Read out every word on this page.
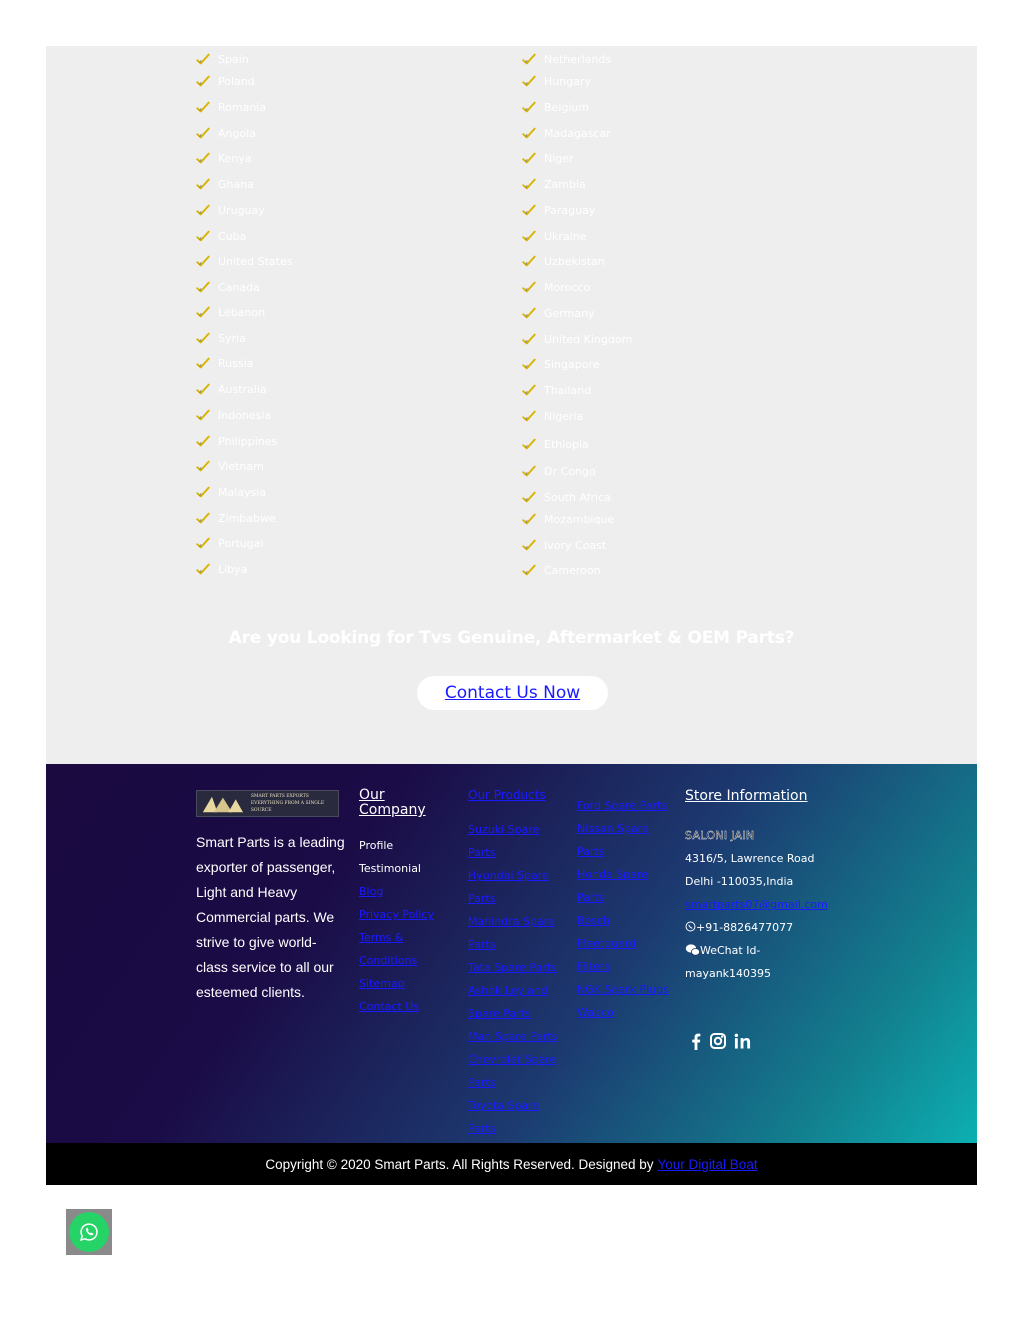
Spain
Poland
Romania
Angola
Kenya
Ghana
Uruguay
Cuba
United States
Canada
Lebanon
Syria
Russia
Australia
Indonesia
Philippines
Vietnam
Malaysia
Zimbabwe
Portugal
Libya
Netherlands
Hungary
Belgium
Madagascar
Niger
Zambia
Paraguay
Ukraine
Uzbekistan
Morocco
Germany
United Kingdom
Singapore
Thailand
Nigeria
Ethiopia
Dr Congo
South Africa
Mozambique
Ivory Coast
Cameroon
Are you Looking for Tvs Genuine, Aftermarket & OEM Parts?
Contact Us Now
SMART PARTS EXPORTS
EVERYTHING FROM A SINGLE SOURCE

Smart Parts is a leading exporter of passenger, Light and Heavy Commercial parts. We strive to give world-class service to all our esteemed clients.

Our Company
Profile
Testimonial
Blog
Privacy Policy
Terms & Conditions
Sitemap
Contact Us
Our Products
Suzuki Spare Parts
Hyundai Spare Parts
Mahindra Spare Parts
Tata Spare Parts
Ashok Leyland Spare Parts
Man Spare Parts
Chevrolet Spare Parts
Toyota Spare Parts
Ford Spare Parts
Nissan Spare Parts
Honda Spare Parts
Bosch
Fleetguard Filters
NGK Spark Plugs
Wabco
Store Information

SALONI JAIN

4316/5, Lawrence Road

Delhi -110035,India

smartparts07@gmail.com

+91-8826477077

WeChat Id-

mayank140395

Copyright © 2020 Smart Parts. All Rights Reserved. Designed by Your Digital Boat
